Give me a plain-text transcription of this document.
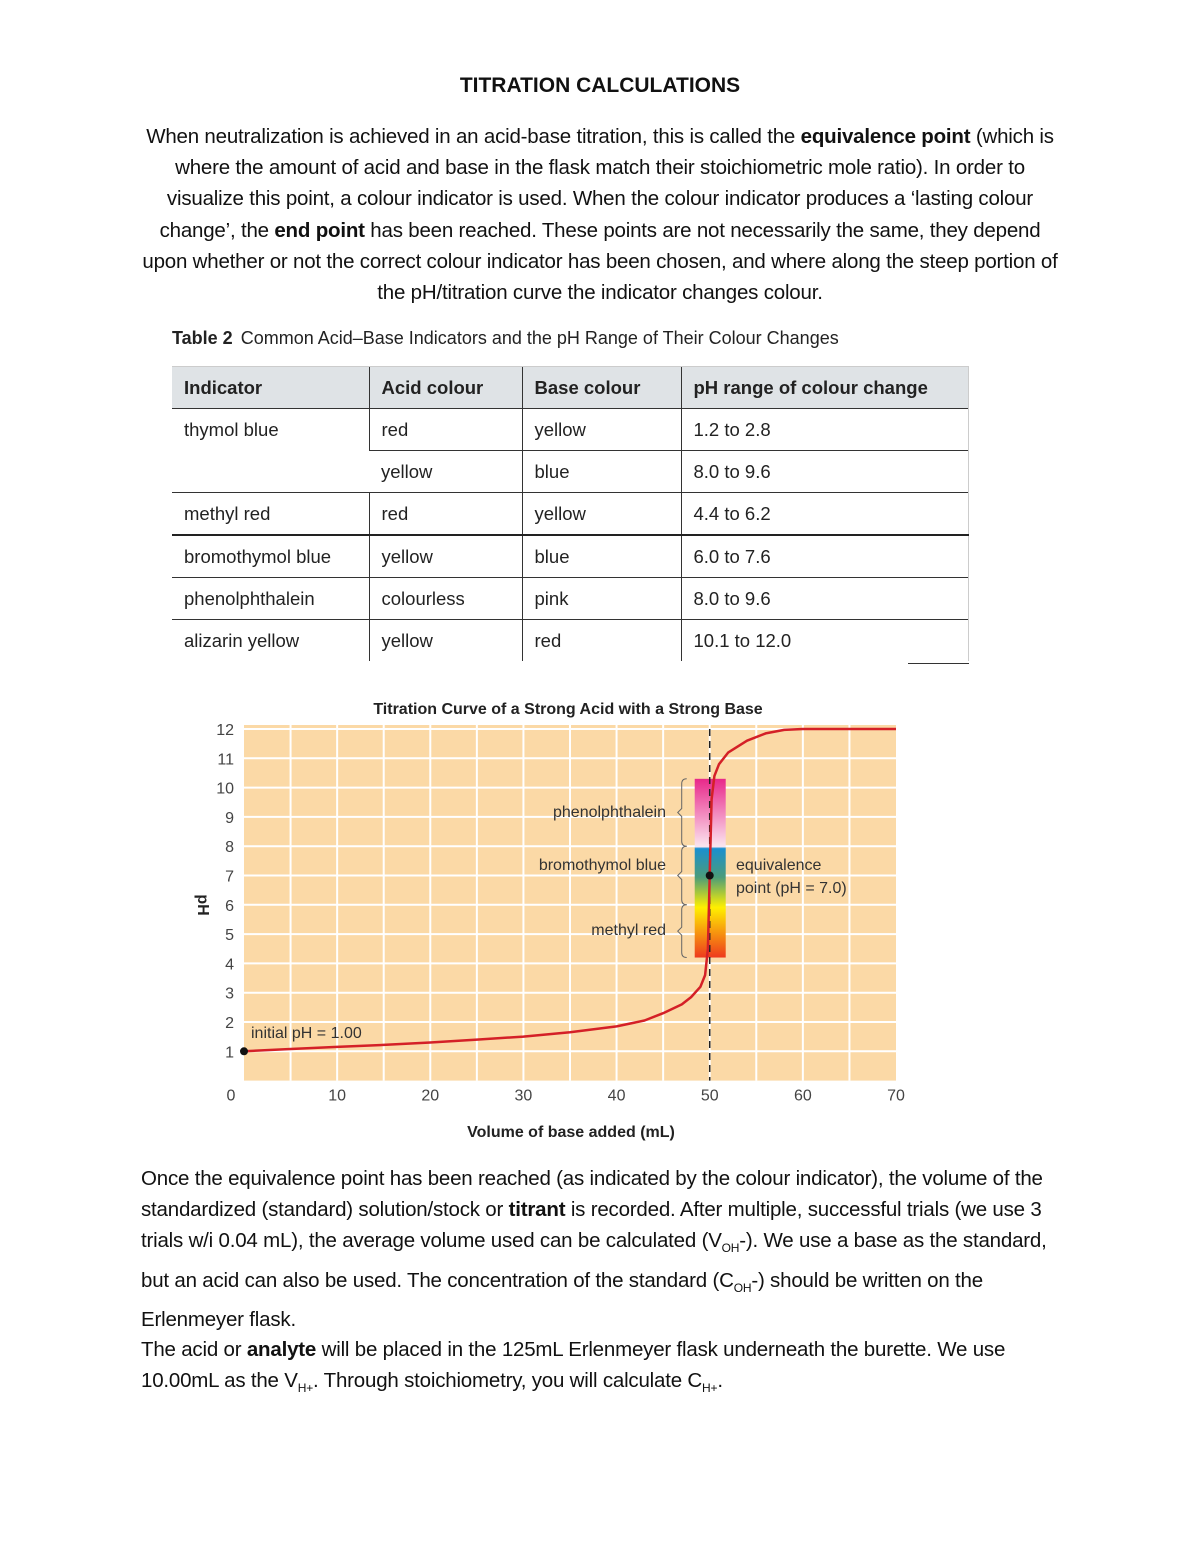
TITRATION CALCULATIONS
When neutralization is achieved in an acid-base titration, this is called the equivalence point (which is where the amount of acid and base in the flask match their stoichiometric mole ratio). In order to visualize this point, a colour indicator is used. When the colour indicator produces a ‘lasting colour change’, the end point has been reached. These points are not necessarily the same, they depend upon whether or not the correct colour indicator has been chosen, and where along the steep portion of the pH/titration curve the indicator changes colour.
Table 2 Common Acid–Base Indicators and the pH Range of Their Colour Changes
Indicator	Acid colour	Base colour	pH range of colour change
thymol blue	red	yellow	1.2 to 2.8
	yellow	blue	8.0 to 9.6
methyl red	red	yellow	4.4 to 6.2
bromothymol blue	yellow	blue	6.0 to 7.6
phenolphthalein	colourless	pink	8.0 to 9.6
alizarin yellow	yellow	red	10.1 to 12.0
0	10	20	30	40	50	60	70
1
2
3
4
5
6
7
8
9
10
11
12
Titration Curve of a Strong Acid with a Strong Base
Volume of base added (mL)
pH
initial pH = 1.00
equivalence
point (pH = 7.0)
phenolphthalein
bromothymol blue
methyl red
Once the equivalence point has been reached (as indicated by the colour indicator), the volume of the standardized (standard) solution/stock or titrant is recorded. After multiple, successful trials (we use 3 trials w/i 0.04 mL), the average volume used can be calculated $(V_{OH}-)$. We use a base as the standard, but an acid can also be used. The concentration of the standard $(C_{OH}-)$ should be written on the Erlenmeyer flask.
The acid or analyte will be placed in the 125mL Erlenmeyer flask underneath the burette. We use 10.00mL as the $V_{H+}$. Through stoichiometry, you will calculate $C_{H+}$.
